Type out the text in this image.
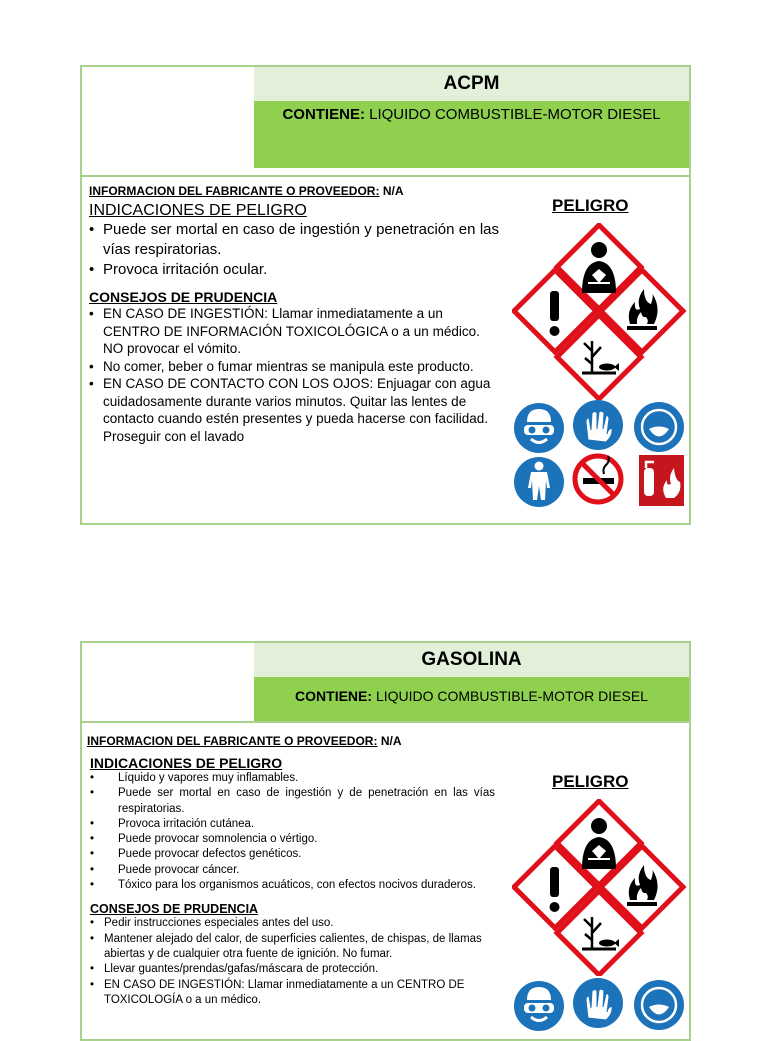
ACPM
CONTIENE: LIQUIDO COMBUSTIBLE-MOTOR DIESEL
INFORMACION DEL FABRICANTE O PROVEEDOR: N/A
INDICACIONES DE PELIGRO
• Puede ser mortal en caso de ingestión y penetración en las vías respiratorias.
• Provoca irritación ocular.
CONSEJOS DE PRUDENCIA
• EN CASO DE INGESTIÓN: Llamar inmediatamente a un CENTRO DE INFORMACIÓN TOXICOLÓGICA o a un médico. NO provocar el vómito.
• No comer, beber o fumar mientras se manipula este producto.
• EN CASO DE CONTACTO CON LOS OJOS: Enjuagar con agua cuidadosamente durante varios minutos. Quitar las lentes de contacto cuando estén presentes y pueda hacerse con facilidad. Proseguir con el lavado
PELIGRO
GASOLINA
CONTIENE: LIQUIDO COMBUSTIBLE-MOTOR DIESEL
INFORMACION DEL FABRICANTE O PROVEEDOR: N/A
INDICACIONES DE PELIGRO
• Líquido y vapores muy inflamables.
• Puede ser mortal en caso de ingestión y de penetración en las vías respiratorias.
• Provoca irritación cutánea.
• Puede provocar somnolencia o vértigo.
• Puede provocar defectos genéticos.
• Puede provocar cáncer.
• Tóxico para los organismos acuáticos, con efectos nocivos duraderos.
CONSEJOS DE PRUDENCIA
• Pedir instrucciones especiales antes del uso.
• Mantener alejado del calor, de superficies calientes, de chispas, de llamas abiertas y de cualquier otra fuente de ignición. No fumar.
• Llevar guantes/prendas/gafas/máscara de protección.
• EN CASO DE INGESTIÓN: Llamar inmediatamente a un CENTRO DE TOXICOLOGÍA o a un médico.
PELIGRO
